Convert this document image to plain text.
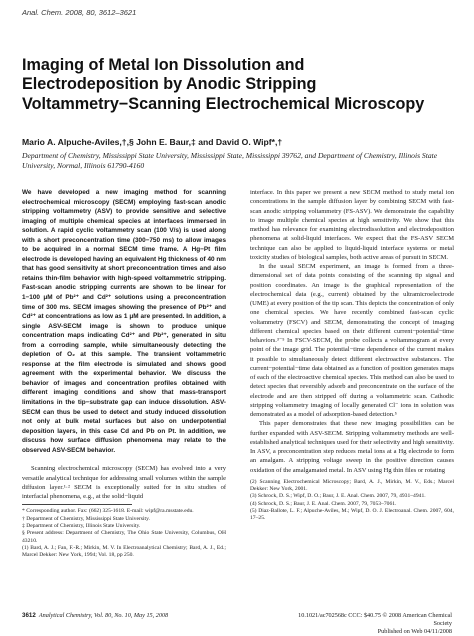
Anal. Chem. 2008, 80, 3612–3621
Imaging of Metal Ion Dissolution and Electrodeposition by Anodic Stripping Voltammetry−Scanning Electrochemical Microscopy

Mario A. Alpuche-Aviles,†,§ John E. Baur,‡ and David O. Wipf*,†

Department of Chemistry, Mississippi State University, Mississippi State, Mississippi 39762, and Department of Chemistry, Illinois State University, Normal, Illinois 61790-4160

We have developed a new imaging method for scanning electrochemical microscopy (SECM) employing fast-scan anodic stripping voltammetry (ASV) to provide sensitive and selective imaging of multiple chemical species at interfaces immersed in solution. A rapid cyclic voltammetry scan (100 V/s) is used along with a short preconcentration time (300−750 ms) to allow images to be acquired in a normal SECM time frame. A Hg−Pt film electrode is developed having an equivalent Hg thickness of 40 nm that has good sensitivity at short preconcentration times and also retains thin-film behavior with high-speed voltammetric stripping. Fast-scan anodic stripping currents are shown to be linear for 1−100 μM of Pb²⁺ and Cd²⁺ solutions using a preconcentration time of 300 ms. SECM images showing the presence of Pb²⁺ and Cd²⁺ at concentrations as low as 1 μM are presented. In addition, a single ASV-SECM image is shown to produce unique concentration maps indicating Cd²⁺ and Pb²⁺, generated in situ from a corroding sample, while simultaneously detecting the depletion of O₂ at this sample. The transient voltammetric response at the film electrode is simulated and shows good agreement with the experimental behavior. We discuss the behavior of images and concentration profiles obtained with different imaging conditions and show that mass-transport limitations in the tip−substrate gap can induce dissolution. ASV-SECM can thus be used to detect and study induced dissolution not only at bulk metal surfaces but also on underpotential deposition layers, in this case Cd and Pb on Pt. In addition, we discuss how surface diffusion phenomena may relate to the observed ASV-SECM behavior.

Scanning electrochemical microscopy (SECM) has evolved into a very versatile analytical technique for addressing small volumes within the sample diffusion layer.¹·² SECM is exceptionally suited for in situ studies of interfacial phenomena, e.g., at the solid−liquid

* Corresponding author. Fax: (662) 325-1618. E-mail: wipf@ra.msstate.edu.

† Department of Chemistry, Mississippi State University.

‡ Department of Chemistry, Illinois State University.

§ Present address: Department of Chemistry, The Ohio State University, Columbus, OH 43210.

(1) Bard, A. J.; Fan, F.-R.; Mirkin, M. V. In Electroanalytical Chemistry; Bard, A. J., Ed.; Marcel Dekker: New York, 1994; Vol. 18, pp 250.

interface. In this paper we present a new SECM method to study metal ion concentrations in the sample diffusion layer by combining SECM with fast-scan anodic stripping voltammetry (FS-ASV). We demonstrate the capability to image multiple chemical species at high sensitivity. We show that this method has relevance for examining electrodissolution and electrodeposition phenomena at solid-liquid interfaces. We expect that the FS-ASV SECM technique can also be applied to liquid-liquid interface systems or metal toxicity studies of biological samples, both active areas of pursuit in SECM.

In the usual SECM experiment, an image is formed from a three-dimensional set of data points consisting of the scanning tip signal and position coordinates. An image is the graphical representation of the electrochemical data (e.g., current) obtained by the ultramicroelectrode (UME) at every position of the tip scan. This depicts the concentration of only one chemical species. We have recently combined fast-scan cyclic voltammetry (FSCV) and SECM, demonstrating the concept of imaging different chemical species based on their different current−potential−time behaviors.³⁻⁵ In FSCV-SECM, the probe collects a voltammogram at every point of the image grid. The potential−time dependence of the current makes it possible to simultaneously detect different electroactive substances. The current−potential−time data obtained as a function of position generates maps of each of the electroactive chemical species. This method can also be used to detect species that reversibly adsorb and preconcentrate on the surface of the electrode and are then stripped off during a voltammetric scan. Cathodic stripping voltammetry imaging of locally generated Cl⁻ ions in solution was demonstrated as a model of adsorption-based detection.⁵

This paper demonstrates that these new imaging possibilities can be further expanded with ASV-SECM. Stripping voltammetry methods are well-established analytical techniques used for their selectivity and high sensitivity. In ASV, a preconcentration step reduces metal ions at a Hg electrode to form an amalgam. A stripping voltage sweep in the positive direction causes oxidation of the amalgamated metal. In ASV using Hg thin files or rotating

(2) Scanning Electrochemical Microscopy; Bard, A. J., Mirkin, M. V., Eds.; Marcel Dekker: New York, 2001.

(3) Schrock, D. S.; Wipf, D. O.; Baur, J. E. Anal. Chem. 2007, 79, 4931–4941.

(4) Schrock, D. S.; Baur, J. E. Anal. Chem. 2007, 79, 7053–7061.

(5) Diaz-Ballote, L. F.; Alpuche-Aviles, M.; Wipf, D. O. J. Electroanal. Chem. 2007, 604, 17–25.

3612 Analytical Chemistry, Vol. 80, No. 10, May 15, 2008	10.1021/ac702568c CCC: $40.75 © 2008 American Chemical Society
Published on Web 04/11/2008
